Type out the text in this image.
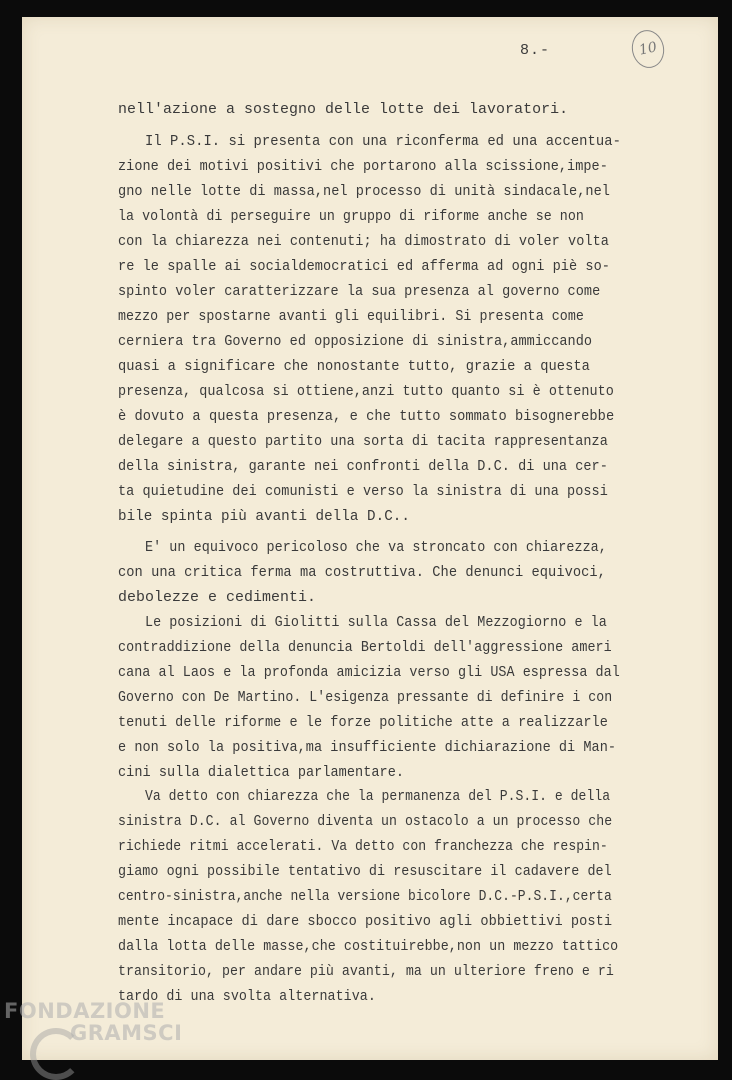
8.-	10
nell'azione a sostegno delle lotte dei lavoratori.
Il P.S.I. si presenta con una riconferma ed una accentua-
zione dei motivi positivi che portarono alla scissione,impe-
gno nelle lotte di massa,nel processo di unità sindacale,nel
la volontà di perseguire un gruppo di riforme anche se non
con la chiarezza nei contenuti; ha dimostrato di voler volta
re le spalle ai socialdemocratici ed afferma ad ogni piè so-
spinto voler caratterizzare la sua presenza al governo come
mezzo per spostarne avanti gli equilibri. Si presenta come
cerniera tra Governo ed opposizione di sinistra,ammiccando
quasi a significare che nonostante tutto, grazie a questa
presenza, qualcosa si ottiene,anzi tutto quanto si è ottenuto
è dovuto a questa presenza, e che tutto sommato bisognerebbe
delegare a questo partito una sorta di tacita rappresentanza
della sinistra, garante nei confronti della D.C. di una cer-
ta quietudine dei comunisti e verso la sinistra di una possi
bile spinta più avanti della D.C..
E' un equivoco pericoloso che va stroncato con chiarezza,
con una critica ferma ma costruttiva. Che denunci equivoci,
debolezze e cedimenti.
Le posizioni di Giolitti sulla Cassa del Mezzogiorno e la
contraddizione della denuncia Bertoldi dell'aggressione ameri
cana al Laos e la profonda amicizia verso gli USA espressa dal
Governo con De Martino. L'esigenza pressante di definire i con
tenuti delle riforme e le forze politiche atte a realizzarle
e non solo la positiva,ma insufficiente dichiarazione di Man-
cini sulla dialettica parlamentare.
Va detto con chiarezza che la permanenza del P.S.I. e della
sinistra D.C. al Governo diventa un ostacolo a un processo che
richiede ritmi accelerati. Va detto con franchezza che respin-
giamo ogni possibile tentativo di resuscitare il cadavere del
centro-sinistra,anche nella versione bicolore D.C.-P.S.I.,certa
mente incapace di dare sbocco positivo agli obbiettivi posti
dalla lotta delle masse,che costituirebbe,non un mezzo tattico
transitorio, per andare più avanti, ma un ulteriore freno e ri
tardo di una svolta alternativa.
FONDAZIONE
GRAMSCI
